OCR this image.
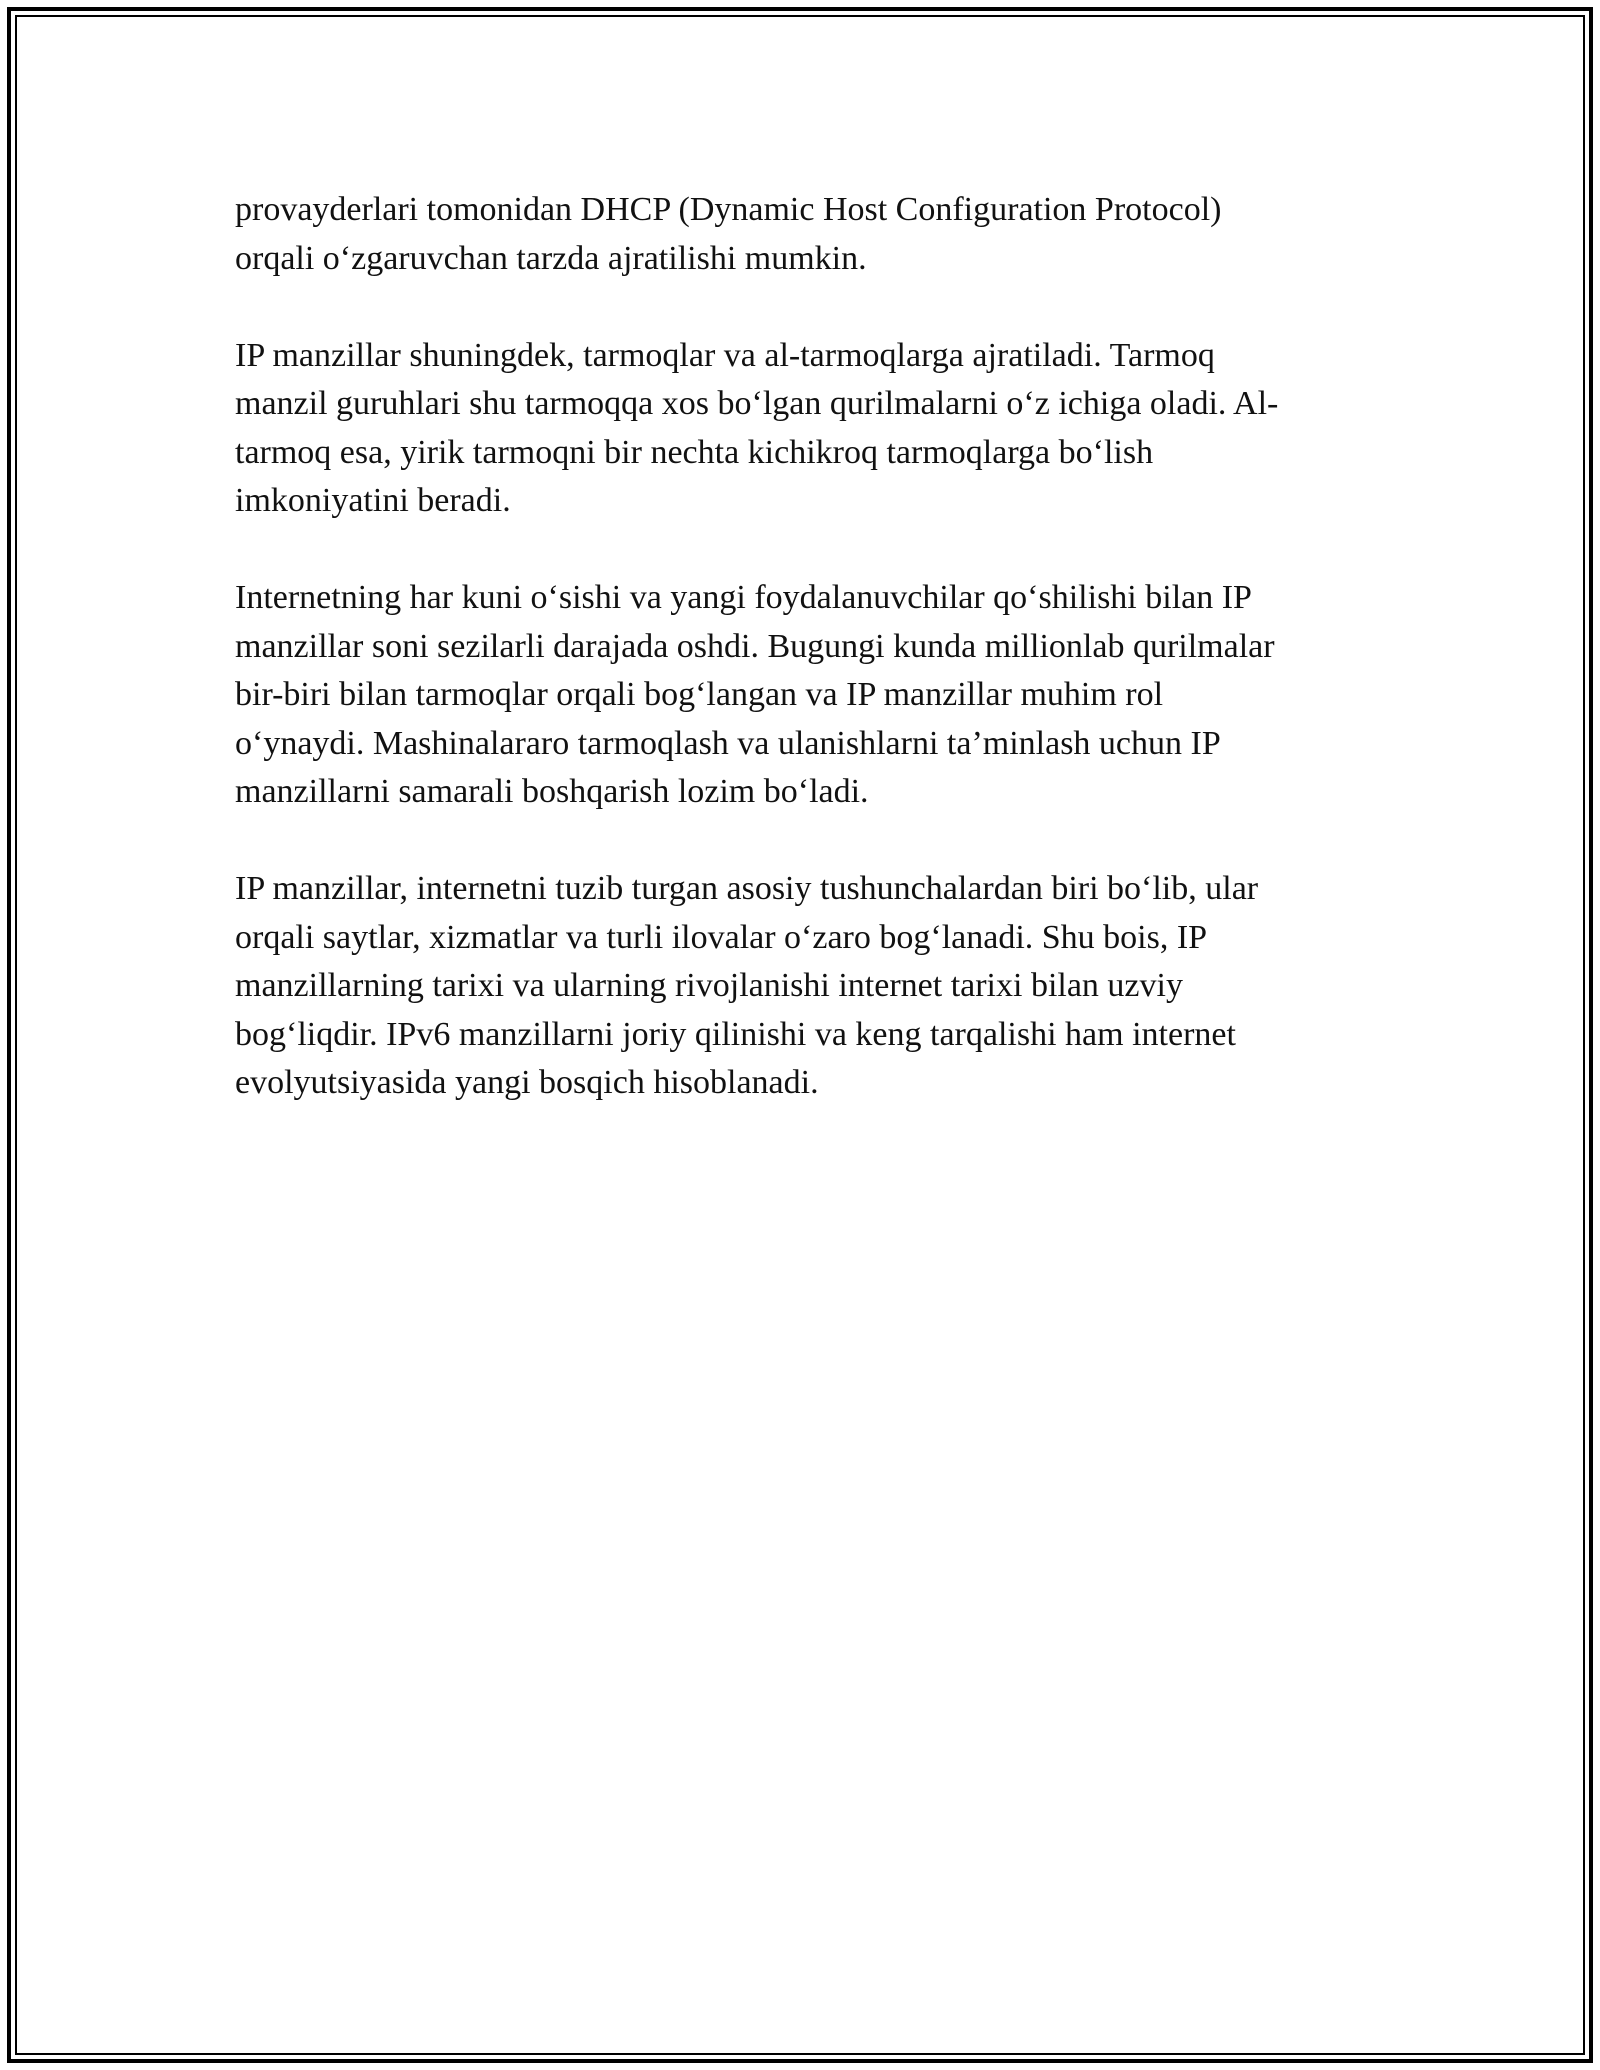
provayderlari tomonidan DHCP (Dynamic Host Configuration Protocol)
orqali o‘zgaruvchan tarzda ajratilishi mumkin.

IP manzillar shuningdek, tarmoqlar va al-tarmoqlarga ajratiladi. Tarmoq
manzil guruhlari shu tarmoqqa xos bo‘lgan qurilmalarni o‘z ichiga oladi. Al-
tarmoq esa, yirik tarmoqni bir nechta kichikroq tarmoqlarga bo‘lish
imkoniyatini beradi.

Internetning har kuni o‘sishi va yangi foydalanuvchilar qo‘shilishi bilan IP
manzillar soni sezilarli darajada oshdi. Bugungi kunda millionlab qurilmalar
bir-biri bilan tarmoqlar orqali bog‘langan va IP manzillar muhim rol
o‘ynaydi. Mashinalararo tarmoqlash va ulanishlarni ta’minlash uchun IP
manzillarni samarali boshqarish lozim bo‘ladi.

IP manzillar, internetni tuzib turgan asosiy tushunchalardan biri bo‘lib, ular
orqali saytlar, xizmatlar va turli ilovalar o‘zaro bog‘lanadi. Shu bois, IP
manzillarning tarixi va ularning rivojlanishi internet tarixi bilan uzviy
bog‘liqdir. IPv6 manzillarni joriy qilinishi va keng tarqalishi ham internet
evolyutsiyasida yangi bosqich hisoblanadi.
